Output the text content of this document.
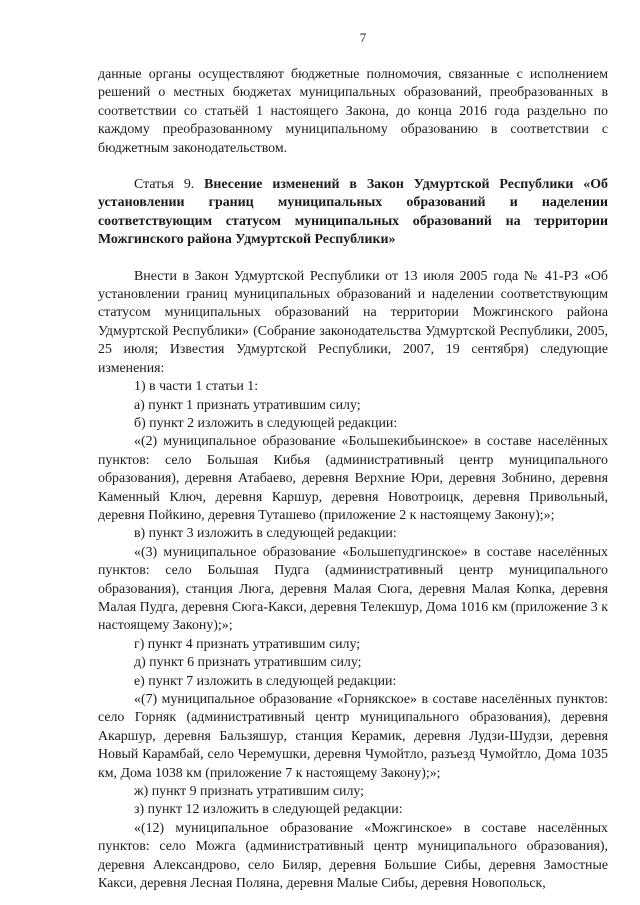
7

данные органы осуществляют бюджетные полномочия, связанные с исполнением решений о местных бюджетах муниципальных образований, преобразованных в соответствии со статьёй 1 настоящего Закона, до конца 2016 года раздельно по каждому преобразованному муниципальному образованию в соответствии с бюджетным законодательством.

Статья 9. Внесение изменений в Закон Удмуртской Республики «Об установлении границ муниципальных образований и наделении соответствующим статусом муниципальных образований на территории Можгинского района Удмуртской Республики»

Внести в Закон Удмуртской Республики от 13 июля 2005 года № 41-РЗ «Об установлении границ муниципальных образований и наделении соответствующим статусом муниципальных образований на территории Можгинского района Удмуртской Республики» (Собрание законодательства Удмуртской Республики, 2005, 25 июля; Известия Удмуртской Республики, 2007, 19 сентября) следующие изменения:

1) в части 1 статьи 1:

а) пункт 1 признать утратившим силу;

б) пункт 2 изложить в следующей редакции:

«(2) муниципальное образование «Большекибьинское» в составе населённых пунктов: село Большая Кибья (административный центр муниципального образования), деревня Атабаево, деревня Верхние Юри, деревня Зобнино, деревня Каменный Ключ, деревня Каршур, деревня Новотроицк, деревня Привольный, деревня Пойкино, деревня Туташево (приложение 2 к настоящему Закону);»;

в) пункт 3 изложить в следующей редакции:

«(3) муниципальное образование «Большепудгинское» в составе населённых пунктов: село Большая Пудга (административный центр муниципального образования), станция Люга, деревня Малая Сюга, деревня Малая Копка, деревня Малая Пудга, деревня Сюга-Какси, деревня Телекшур, Дома 1016 км (приложение 3 к настоящему Закону);»;

г) пункт 4 признать утратившим силу;

д) пункт 6 признать утратившим силу;

е) пункт 7 изложить в следующей редакции:

«(7) муниципальное образование «Горнякское» в составе населённых пунктов: село Горняк (административный центр муниципального образования), деревня Акаршур, деревня Бальзяшур, станция Керамик, деревня Лудзи-Шудзи, деревня Новый Карамбай, село Черемушки, деревня Чумойтло, разъезд Чумойтло, Дома 1035 км, Дома 1038 км (приложение 7 к настоящему Закону);»;

ж) пункт 9 признать утратившим силу;

з) пункт 12 изложить в следующей редакции:

«(12) муниципальное образование «Можгинское» в составе населённых пунктов: село Можга (административный центр муниципального образования), деревня Александрово, село Биляр, деревня Большие Сибы, деревня Замостные Какси, деревня Лесная Поляна, деревня Малые Сибы, деревня Новопольск,
